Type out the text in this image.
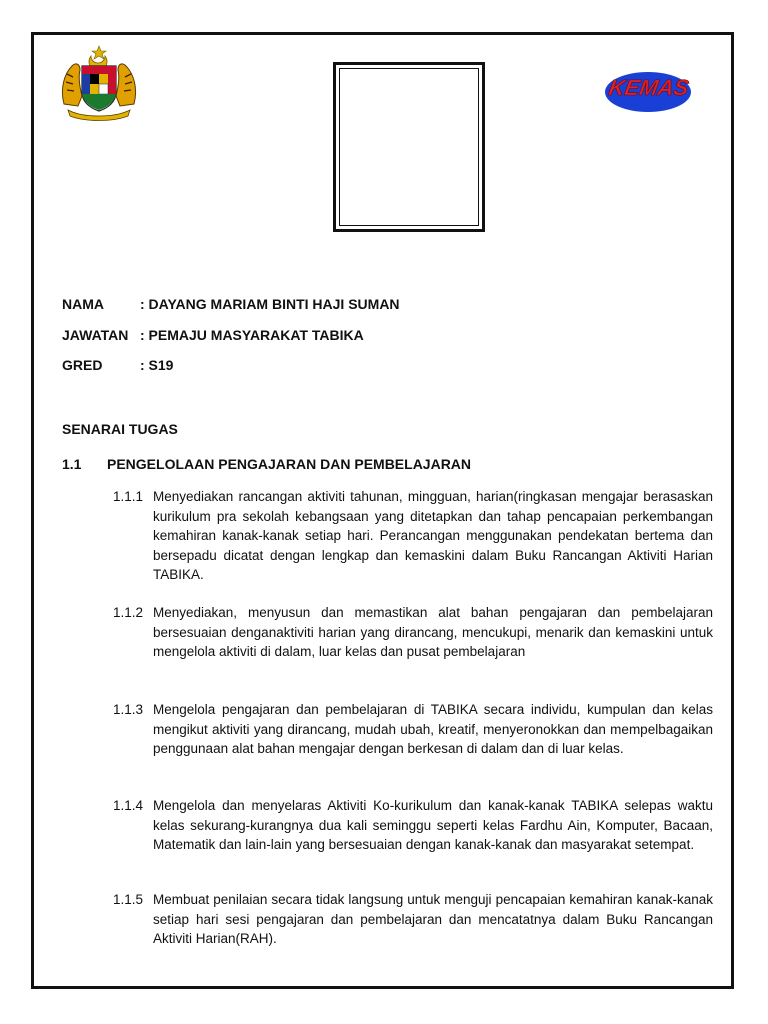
KEMAS
NAMA	: DAYANG MARIAM BINTI HAJI SUMAN
JAWATAN : PEMAJU MASYARAKAT TABIKA
GRED	: S19
SENARAI TUGAS
1.1 PENGELOLAAN PENGAJARAN DAN PEMBELAJARAN
1.1.1 Menyediakan rancangan aktiviti tahunan, mingguan, harian(ringkasan mengajar berasaskan kurikulum pra sekolah kebangsaan yang ditetapkan dan tahap pencapaian perkembangan kemahiran kanak-kanak setiap hari. Perancangan menggunakan pendekatan bertema dan bersepadu dicatat dengan lengkap dan kemaskini dalam Buku Rancangan Aktiviti Harian TABIKA.
1.1.2 Menyediakan, menyusun dan memastikan alat bahan pengajaran dan pembelajaran bersesuaian denganaktiviti harian yang dirancang, mencukupi, menarik dan kemaskini untuk mengelola aktiviti di dalam, luar kelas dan pusat pembelajaran
1.1.3 Mengelola pengajaran dan pembelajaran di TABIKA secara individu, kumpulan dan kelas mengikut aktiviti yang dirancang, mudah ubah, kreatif, menyeronokkan dan mempelbagaikan penggunaan alat bahan mengajar dengan berkesan di dalam dan di luar kelas.
1.1.4 Mengelola dan menyelaras Aktiviti Ko-kurikulum dan kanak-kanak TABIKA selepas waktu kelas sekurang-kurangnya dua kali seminggu seperti kelas Fardhu Ain, Komputer, Bacaan, Matematik dan lain-lain yang bersesuaian dengan kanak-kanak dan masyarakat setempat.
1.1.5 Membuat penilaian secara tidak langsung untuk menguji pencapaian kemahiran kanak-kanak setiap hari sesi pengajaran dan pembelajaran dan mencatatnya dalam Buku Rancangan Aktiviti Harian(RAH).
